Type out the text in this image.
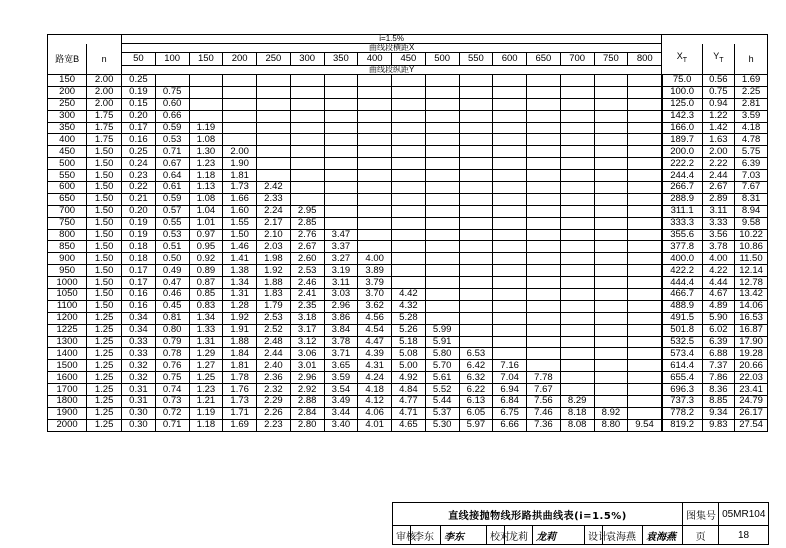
		i=1.5%																		
路宽B	n	曲线段横距X																$X_T$	$Y_T$	h
		50	100	150	200	250	300	350	400	450	500	550	600	650	700	750	800			
		曲线段纵距Y																		
150	2.00	0.25																75.0	0.56	1.69
200	2.00	0.19	0.75															100.0	0.75	2.25
250	2.00	0.15	0.60															125.0	0.94	2.81
300	1.75	0.20	0.66															142.3	1.22	3.59
350	1.75	0.17	0.59	1.19														166.0	1.42	4.18
400	1.75	0.16	0.53	1.08														189.7	1.63	4.78
450	1.50	0.25	0.71	1.30	2.00													200.0	2.00	5.75
500	1.50	0.24	0.67	1.23	1.90													222.2	2.22	6.39
550	1.50	0.23	0.64	1.18	1.81													244.4	2.44	7.03
600	1.50	0.22	0.61	1.13	1.73	2.42												266.7	2.67	7.67
650	1.50	0.21	0.59	1.08	1.66	2.33												288.9	2.89	8.31
700	1.50	0.20	0.57	1.04	1.60	2.24	2.95											311.1	3.11	8.94
750	1.50	0.19	0.55	1.01	1.55	2.17	2.85											333.3	3.33	9.58
800	1.50	0.19	0.53	0.97	1.50	2.10	2.76	3.47										355.6	3.56	10.22
850	1.50	0.18	0.51	0.95	1.46	2.03	2.67	3.37										377.8	3.78	10.86
900	1.50	0.18	0.50	0.92	1.41	1.98	2.60	3.27	4.00									400.0	4.00	11.50
950	1.50	0.17	0.49	0.89	1.38	1.92	2.53	3.19	3.89									422.2	4.22	12.14
1000	1.50	0.17	0.47	0.87	1.34	1.88	2.46	3.11	3.79									444.4	4.44	12.78
1050	1.50	0.16	0.46	0.85	1.31	1.83	2.41	3.03	3.70	4.42								466.7	4.67	13.42
1100	1.50	0.16	0.45	0.83	1.28	1.79	2.35	2.96	3.62	4.32								488.9	4.89	14.06
1200	1.25	0.34	0.81	1.34	1.92	2.53	3.18	3.86	4.56	5.28								491.5	5.90	16.53
1225	1.25	0.34	0.80	1.33	1.91	2.52	3.17	3.84	4.54	5.26	5.99							501.8	6.02	16.87
1300	1.25	0.33	0.79	1.31	1.88	2.48	3.12	3.78	4.47	5.18	5.91							532.5	6.39	17.90
1400	1.25	0.33	0.78	1.29	1.84	2.44	3.06	3.71	4.39	5.08	5.80	6.53						573.4	6.88	19.28
1500	1.25	0.32	0.76	1.27	1.81	2.40	3.01	3.65	4.31	5.00	5.70	6.42	7.16					614.4	7.37	20.66
1600	1.25	0.32	0.75	1.25	1.78	2.36	2.96	3.59	4.24	4.92	5.61	6.32	7.04	7.78				655.4	7.86	22.03
1700	1.25	0.31	0.74	1.23	1.76	2.32	2.92	3.54	4.18	4.84	5.52	6.22	6.94	7.67				696.3	8.36	23.41
1800	1.25	0.31	0.73	1.21	1.73	2.29	2.88	3.49	4.12	4.77	5.44	6.13	6.84	7.56	8.29			737.3	8.85	24.79
1900	1.25	0.30	0.72	1.19	1.71	2.26	2.84	3.44	4.06	4.71	5.37	6.05	6.75	7.46	8.18	8.92		778.2	9.34	26.17
2000	1.25	0.30	0.71	1.18	1.69	2.23	2.80	3.40	4.01	4.65	5.30	5.97	6.66	7.36	8.08	8.80	9.54	819.2	9.83	27.54
直线接抛物线形路拱曲线表(i=1.5%)									图集号	05MR104
审核	李东	李东	校对	龙莉	龙莉	设计	袁海燕	袁海燕	页	18
